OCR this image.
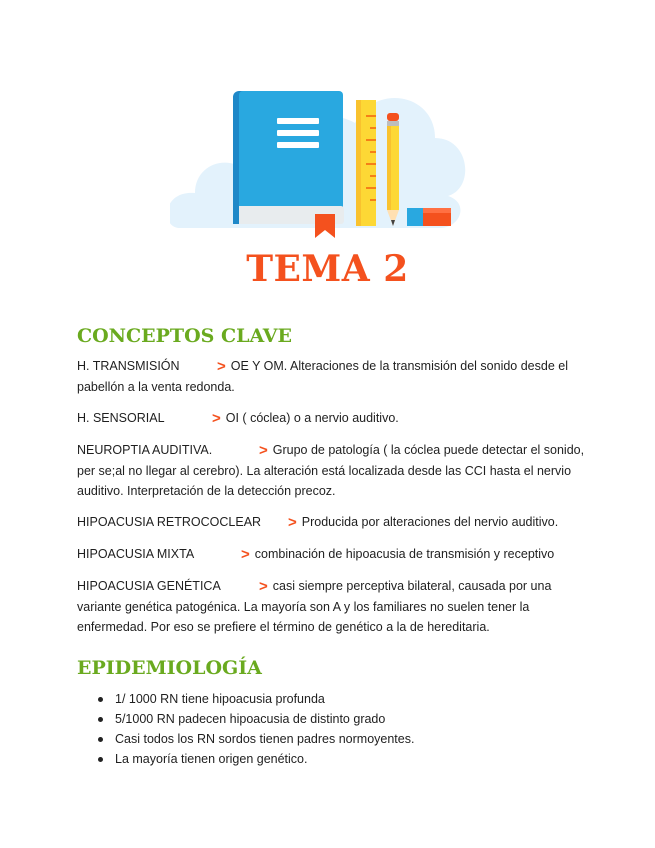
TEMA 2
CONCEPTOS CLAVE

H. TRANSMISIÓN > OE Y OM. Alteraciones de la transmisión del sonido desde el pabellón a la venta redonda.

H. SENSORIAL	> OI ( cóclea) o a nervio auditivo.

NEUROPTIA AUDITIVA.	> Grupo de patología ( la cóclea puede detectar el sonido, per se;al no llegar al cerebro). La alteración está localizada desde las CCI hasta el nervio auditivo. Interpretación de la detección precoz.

HIPOACUSIA RETROCOCLEAR > Producida por alteraciones del nervio auditivo.

HIPOACUSIA MIXTA	> combinación de hipoacusia de transmisión y receptivo

HIPOACUSIA GENÉTICA	> casi siempre perceptiva bilateral, causada por una variante genética patogénica. La mayoría son A y los familiares no suelen tener la enfermedad. Por eso se prefiere el término de genético a la de hereditaria.

EPIDEMIOLOGÍA
1/ 1000 RN tiene hipoacusia profunda
5/1000 RN padecen hipoacusia de distinto grado
Casi todos los RN sordos tienen padres normoyentes.
La mayoría tienen origen genético.
